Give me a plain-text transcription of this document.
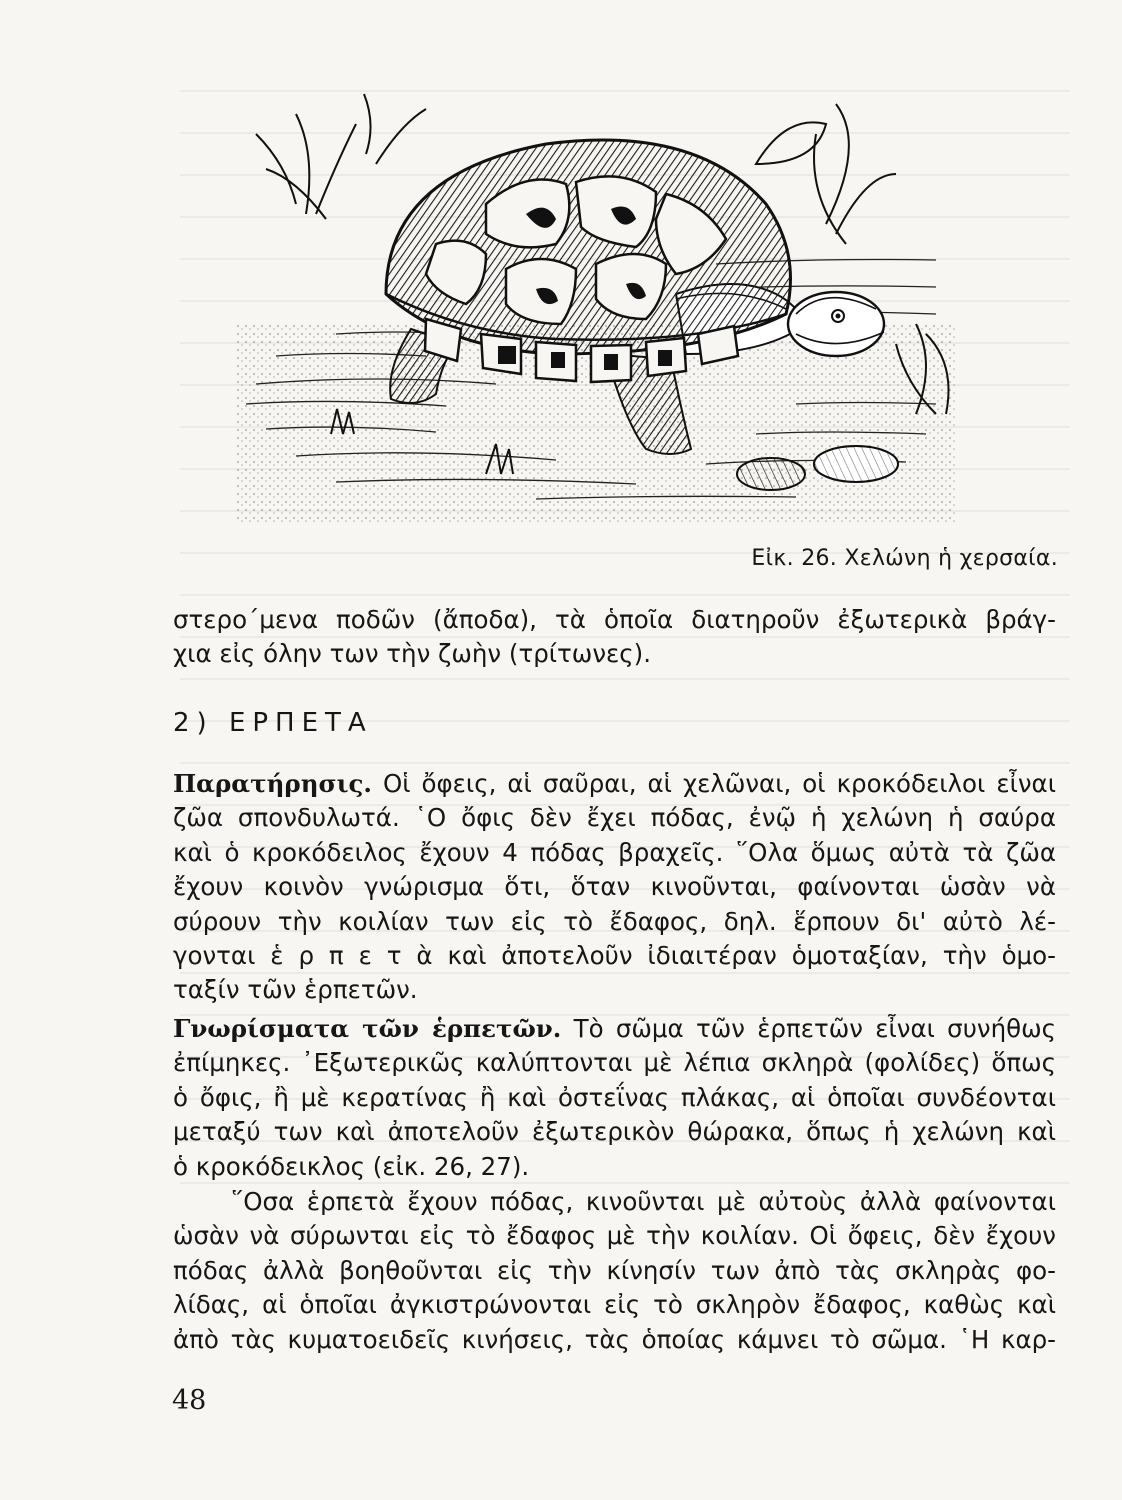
Εἰκ. 26. Χελώνη ἡ χερσαία.
στερο΄μενα ποδῶν (ἄποδα), τὰ ὁποῖα διατηροῦν ἐξωτερικὰ βράγ-
χια εἰς όλην των τὴν ζωὴν (τρίτωνες).
2) ΕΡΠΕΤΑ
Παρατήρησις. Οἱ ὄφεις, αἱ σαῦραι, αἱ χελῶναι, οἱ κροκόδειλοι εἶναι
ζῶα σπονδυλωτά. ῾Ο ὄφις δὲν ἔχει πόδας, ἐνῷ ἡ χελώνη ἡ σαύρα
καὶ ὁ κροκόδειλος ἔχουν 4 πόδας βραχεῖς. ῞Ολα ὅμως αὐτὰ τὰ ζῶα
ἔχουν κοινὸν γνώρισμα ὅτι, ὅταν κινοῦνται, φαίνονται ὡσὰν νὰ
σύρουν τὴν κοιλίαν των εἰς τὸ ἔδαφος, δηλ. ἕρπουν δι' αὐτὸ λέ-
γονται ἑ ρ π ε τ ὰ καὶ ἀποτελοῦν ἰδιαιτέραν ὁμοταξίαν, τὴν ὁμο-
ταξίν τῶν ἑρπετῶν.
Γνωρίσματα τῶν ἑρπετῶν. Τὸ σῶμα τῶν ἑρπετῶν εἶναι συνήθως
ἐπίμηκες. ᾿Εξωτερικῶς καλύπτονται μὲ λέπια σκληρὰ (φολίδες) ὅπως
ὁ ὄφις, ἢ μὲ κερατίνας ἢ καὶ ὀστεΐνας πλάκας, αἱ ὁποῖαι συνδέονται
μεταξύ των καὶ ἀποτελοῦν ἐξωτερικὸν θώρακα, ὅπως ἡ χελώνη καὶ
ὁ κροκόδεικλος (εἰκ. 26, 27).
῞Οσα ἑρπετὰ ἔχουν πόδας, κινοῦνται μὲ αὐτοὺς ἀλλὰ φαίνονται
ὡσὰν νὰ σύρωνται εἰς τὸ ἔδαφος μὲ τὴν κοιλίαν. Οἱ ὄφεις, δὲν ἔχουν
πόδας ἀλλὰ βοηθοῦνται εἰς τὴν κίνησίν των ἀπὸ τὰς σκληρὰς φο-
λίδας, αἱ ὁποῖαι ἀγκιστρώνονται εἰς τὸ σκληρὸν ἔδαφος, καθὼς καὶ
ἀπὸ τὰς κυματοειδεῖς κινήσεις, τὰς ὁποίας κάμνει τὸ σῶμα. ῾Η καρ-
48
